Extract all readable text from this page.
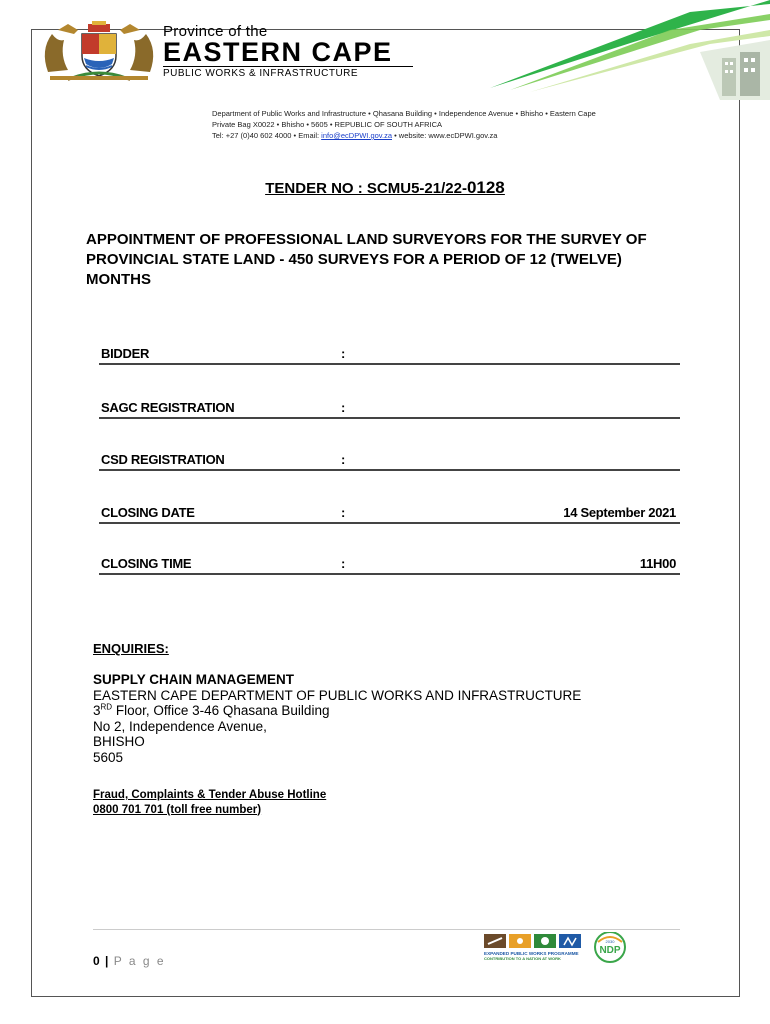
Province of the
EASTERN CAPE
PUBLIC WORKS & INFRASTRUCTURE
Department of Public Works and Infrastructure • Qhasana Building • Independence Avenue • Bhisho • Eastern Cape
Private Bag X0022 • Bhisho • 5605 • REPUBLIC OF SOUTH AFRICA
Tel: +27 (0)40 602 4000 • Email: info@ecDPWI.gov.za • website: www.ecDPWI.gov.za
TENDER NO : SCMU5-21/22-0128
APPOINTMENT OF PROFESSIONAL LAND SURVEYORS FOR THE SURVEY OF PROVINCIAL STATE LAND - 450 SURVEYS FOR A PERIOD OF 12 (TWELVE) MONTHS
BIDDER	:
SAGC REGISTRATION	:
CSD REGISTRATION	:
CLOSING DATE	:	14 September 2021
CLOSING TIME	:	11H00
ENQUIRIES:
SUPPLY CHAIN MANAGEMENT
EASTERN CAPE DEPARTMENT OF PUBLIC WORKS AND INFRASTRUCTURE
3RD Floor, Office 3-46 Qhasana Building
No 2, Independence Avenue,
BHISHO
5605
Fraud, Complaints & Tender Abuse Hotline
0800 701 701 (toll free number)
0 | P a g e
EXPANDED PUBLIC WORKS PROGRAMME
CONTRIBUTION TO A NATION AT WORK
2030
NDP
